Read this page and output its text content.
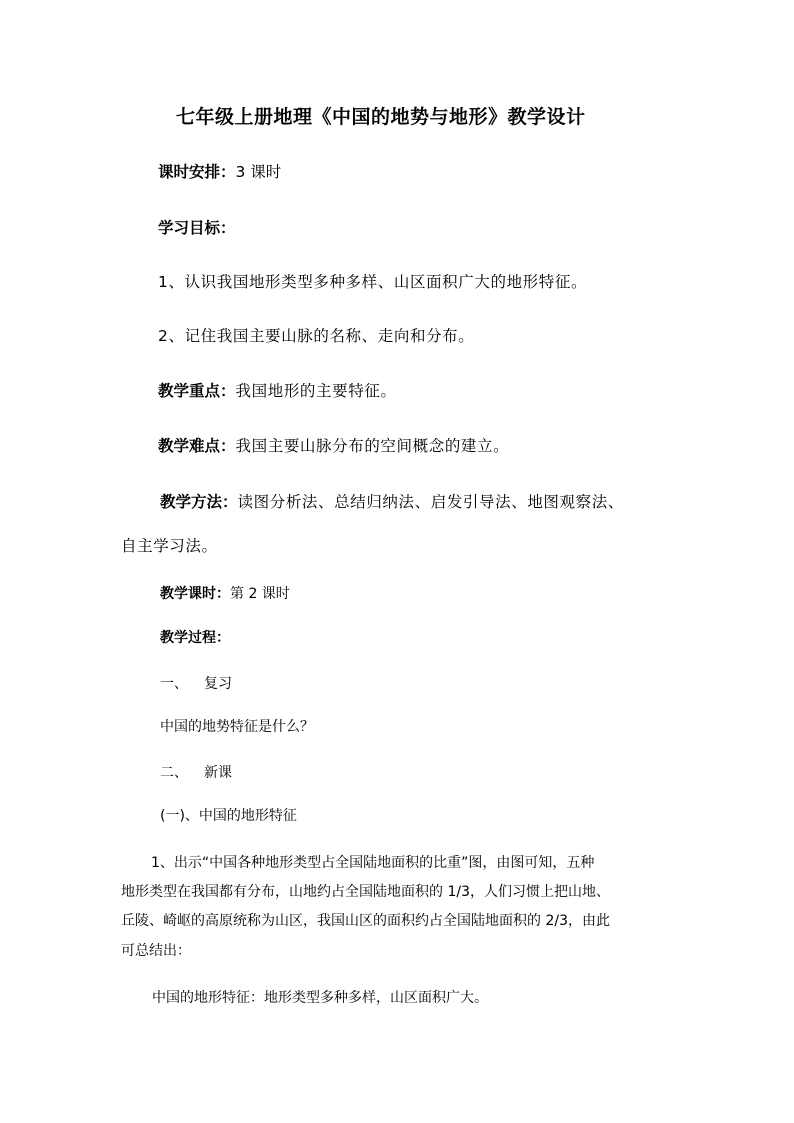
七年级上册地理《中国的地势与地形》教学设计
课时安排：3 课时
学习目标：
1、认识我国地形类型多种多样、山区面积广大的地形特征。
2、记住我国主要山脉的名称、走向和分布。
教学重点：我国地形的主要特征。
教学难点：我国主要山脉分布的空间概念的建立。
教学方法：读图分析法、总结归纳法、启发引导法、地图观察法、
自主学习法。
教学课时：第 2 课时
教学过程：
一、 复习
中国的地势特征是什么？
二、 新课
(一)、中国的地形特征
1、出示“中国各种地形类型占全国陆地面积的比重”图，由图可知，五种
地形类型在我国都有分布，山地约占全国陆地面积的 1/3，人们习惯上把山地、
丘陵、崎岖的高原统称为山区，我国山区的面积约占全国陆地面积的 2/3，由此
可总结出：
中国的地形特征：地形类型多种多样，山区面积广大。
